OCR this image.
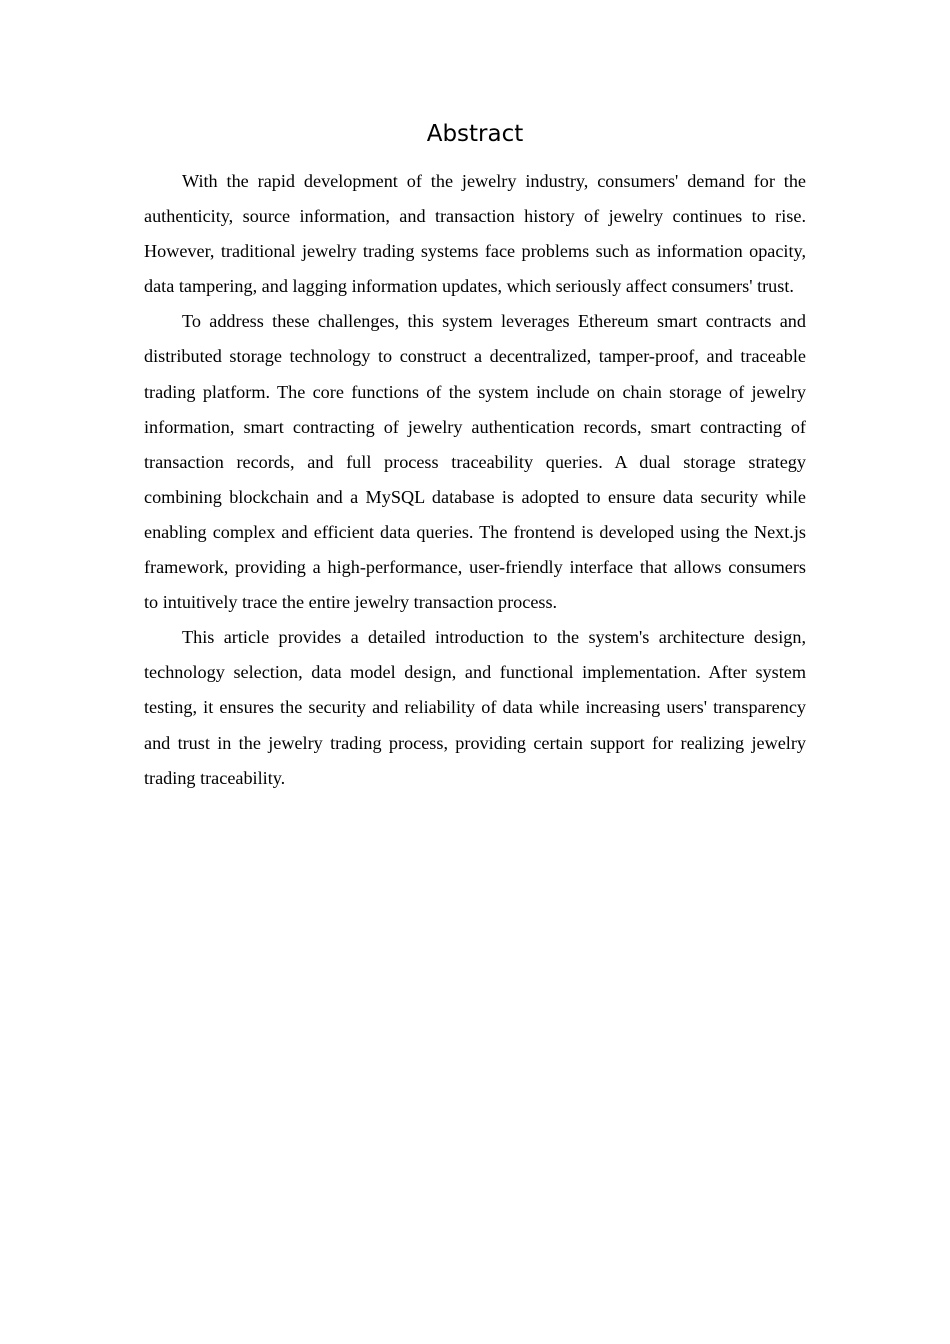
Abstract

With the rapid development of the jewelry industry, consumers' demand for the authenticity, source information, and transaction history of jewelry continues to rise. However, traditional jewelry trading systems face problems such as information opacity, data tampering, and lagging information updates, which seriously affect consumers' trust.

To address these challenges, this system leverages Ethereum smart contracts and distributed storage technology to construct a decentralized, tamper-proof, and traceable trading platform. The core functions of the system include on chain storage of jewelry information, smart contracting of jewelry authentication records, smart contracting of transaction records, and full process traceability queries. A dual storage strategy combining blockchain and a MySQL database is adopted to ensure data security while enabling complex and efficient data queries. The frontend is developed using the Next.js framework, providing a high-performance, user-friendly interface that allows consumers to intuitively trace the entire jewelry transaction process.

This article provides a detailed introduction to the system's architecture design, technology selection, data model design, and functional implementation. After system testing, it ensures the security and reliability of data while increasing users' transparency and trust in the jewelry trading process, providing certain support for realizing jewelry trading traceability.
